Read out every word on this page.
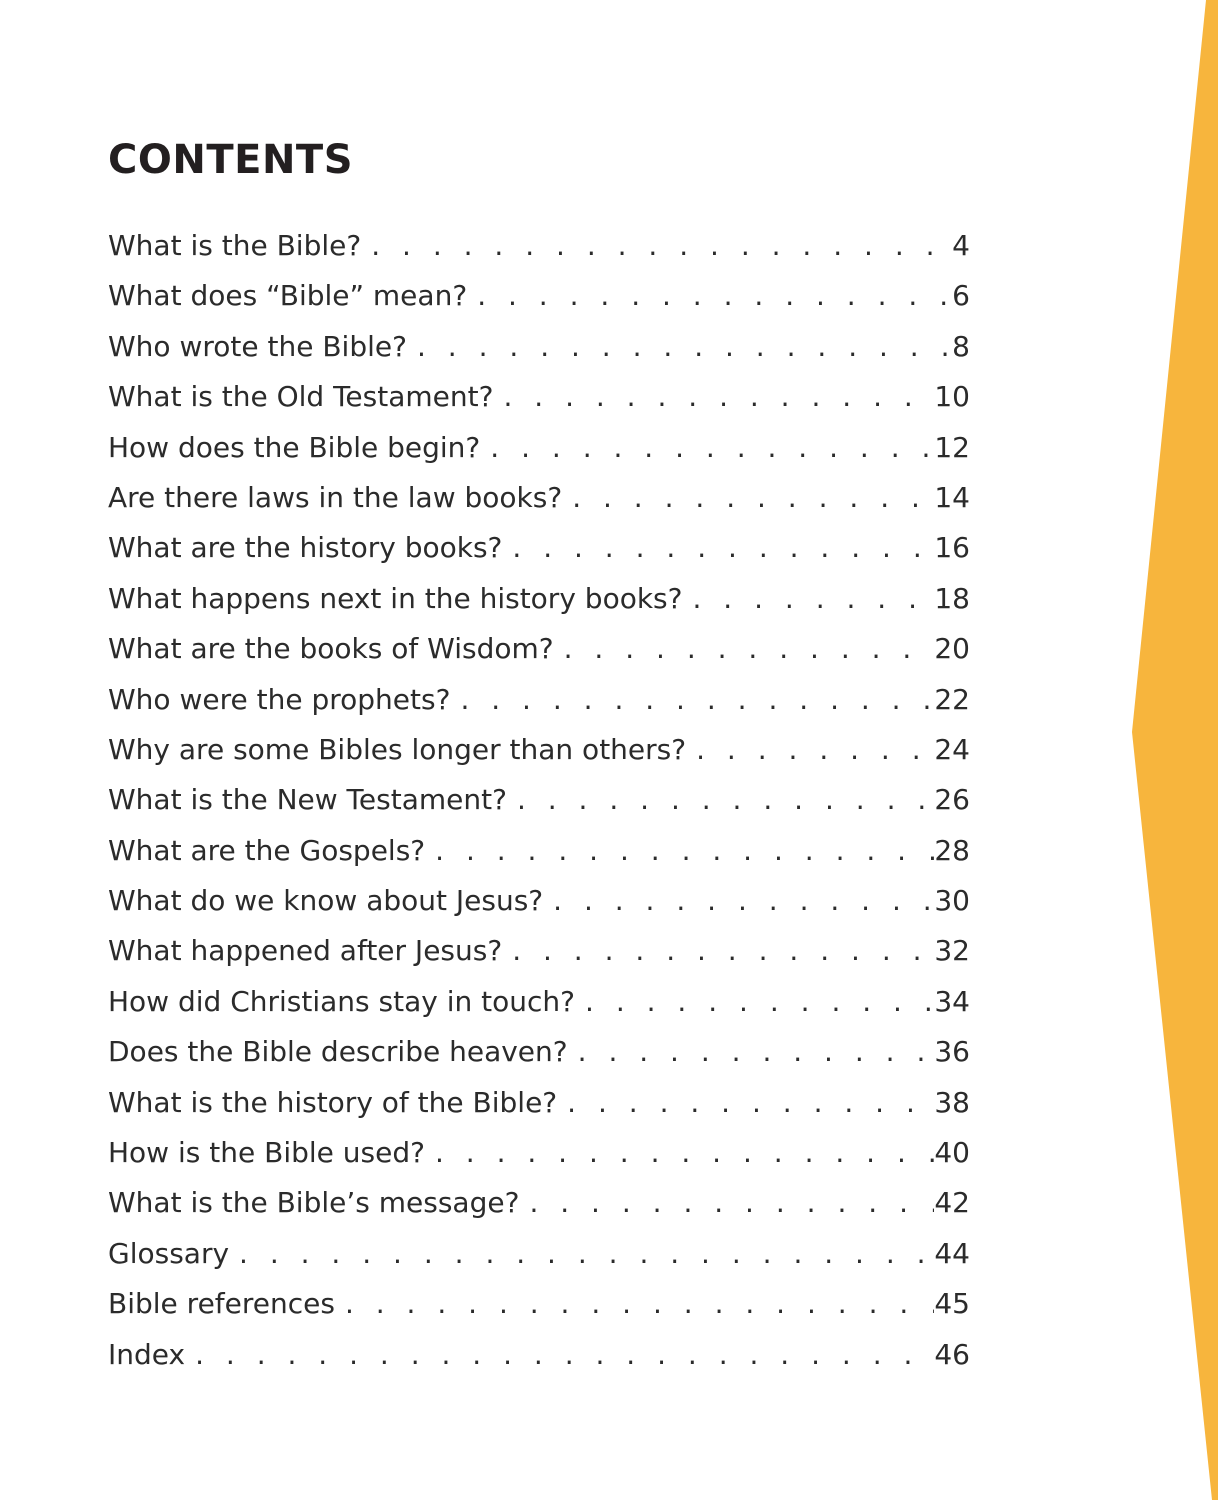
CONTENTS
What is the Bible? . . .	4
What does “Bible” mean? . . .	6
Who wrote the Bible? . . .	8
What is the Old Testament? . . .	10
How does the Bible begin? . . .	12
Are there laws in the law books? . . .	14
What are the history books? . . .	16
What happens next in the history books? . . .	18
What are the books of Wisdom? . . .	20
Who were the prophets? . . .	22
Why are some Bibles longer than others? . . .	24
What is the New Testament? . . .	26
What are the Gospels? . . .	28
What do we know about Jesus? . . .	30
What happened after Jesus? . . .	32
How did Christians stay in touch? . . .	34
Does the Bible describe heaven? . . .	36
What is the history of the Bible? . . .	38
How is the Bible used? . . .	40
What is the Bible’s message? . . .	42
Glossary . . .	44
Bible references . . .	45
Index . . .	46
